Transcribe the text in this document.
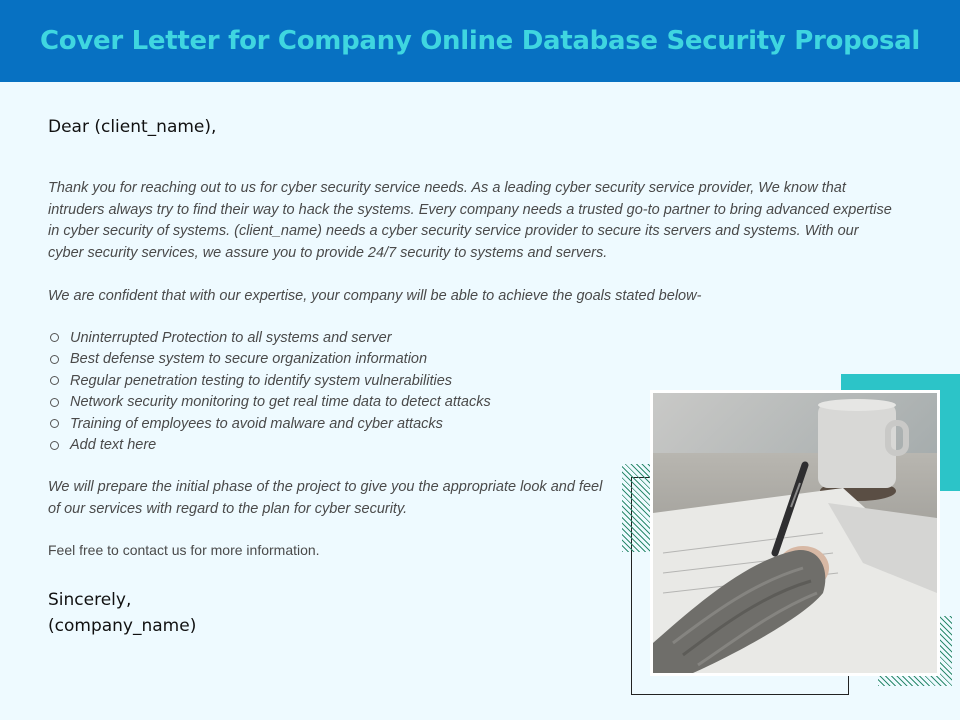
Cover Letter for Company Online Database Security Proposal
Dear (client_name),

Thank you for reaching out to us for cyber security service needs. As a leading cyber security service provider, We know that intruders always try to find their way to hack the systems. Every company needs a trusted go-to partner to bring advanced expertise in cyber security of systems. (client_name) needs a cyber security service provider to secure its servers and systems. With our cyber security services, we assure you to provide 24/7 security to systems and servers.

We are confident that with our expertise, your company will be able to achieve the goals stated below-

Uninterrupted Protection to all systems and server
Best defense system to secure organization information
Regular penetration testing to identify system vulnerabilities
Network security monitoring to get real time data to detect attacks
Training of employees to avoid malware and cyber attacks
Add text here

We will prepare the initial phase of the project to give you the appropriate look and feel of our services with regard to the plan for cyber security.

Feel free to contact us for more information.

Sincerely,
(company_name)
